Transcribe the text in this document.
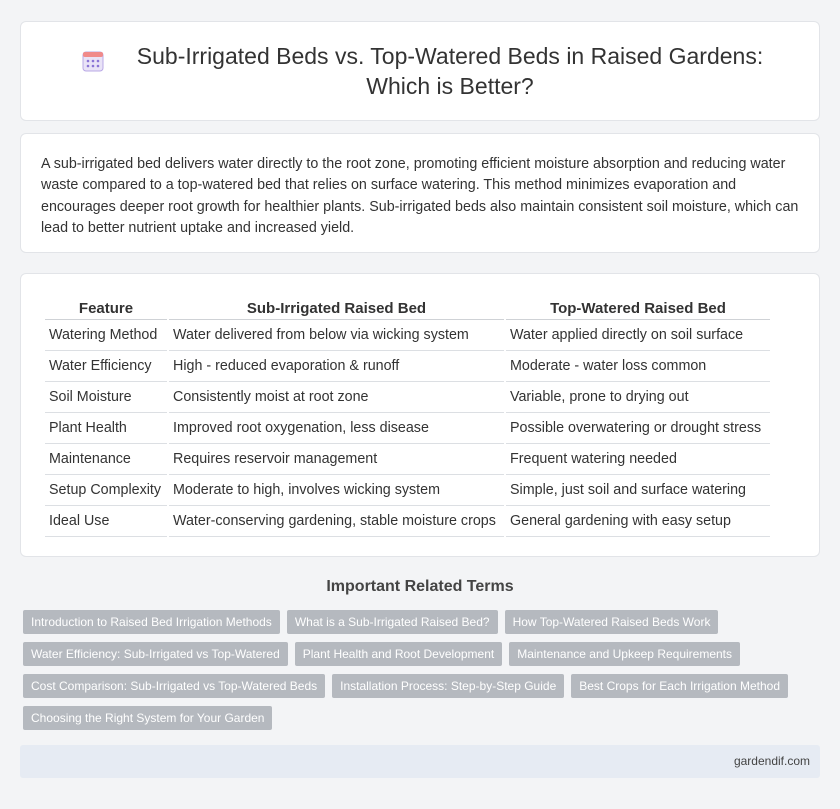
Sub-Irrigated Beds vs. Top-Watered Beds in Raised Gardens: Which is Better?

A sub-irrigated bed delivers water directly to the root zone, promoting efficient moisture absorption and reducing water waste compared to a top-watered bed that relies on surface watering. This method minimizes evaporation and encourages deeper root growth for healthier plants. Sub-irrigated beds also maintain consistent soil moisture, which can lead to better nutrient uptake and increased yield.

Feature	Sub-Irrigated Raised Bed	Top-Watered Raised Bed
Watering Method	Water delivered from below via wicking system	Water applied directly on soil surface
Water Efficiency	High - reduced evaporation & runoff	Moderate - water loss common
Soil Moisture	Consistently moist at root zone	Variable, prone to drying out
Plant Health	Improved root oxygenation, less disease	Possible overwatering or drought stress
Maintenance	Requires reservoir management	Frequent watering needed
Setup Complexity	Moderate to high, involves wicking system	Simple, just soil and surface watering
Ideal Use	Water-conserving gardening, stable moisture crops	General gardening with easy setup
Important Related Terms
Introduction to Raised Bed Irrigation Methods	What is a Sub-Irrigated Raised Bed?	How Top-Watered Raised Beds Work
Water Efficiency: Sub-Irrigated vs Top-Watered	Plant Health and Root Development	Maintenance and Upkeep Requirements
Cost Comparison: Sub-Irrigated vs Top-Watered Beds	Installation Process: Step-by-Step Guide	Best Crops for Each Irrigation Method
Choosing the Right System for Your Garden
gardendif.com
